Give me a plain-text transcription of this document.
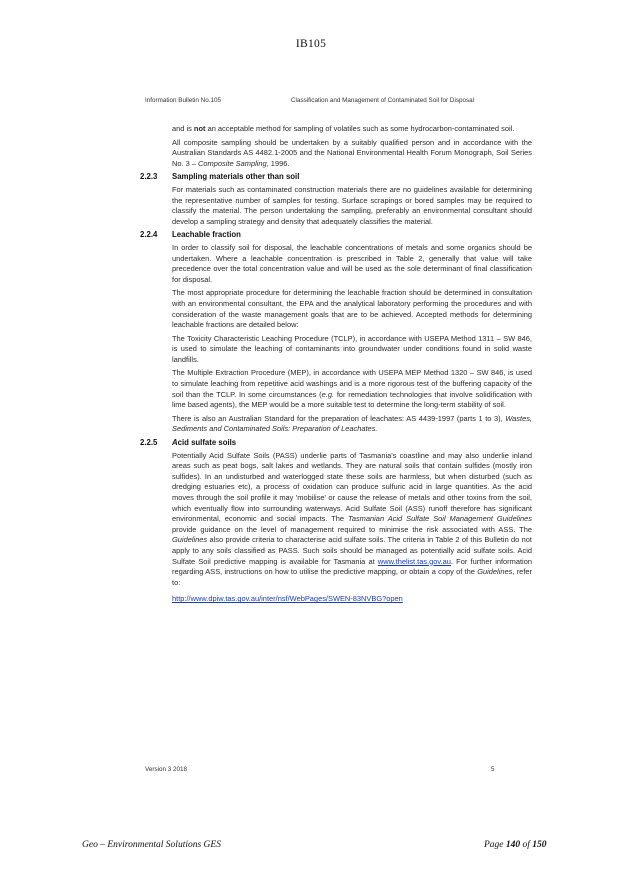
IB105
Information Bulletin No.105	Classification and Management of Contaminated Soil for Disposal

and is not an acceptable method for sampling of volatiles such as some hydrocarbon-contaminated soil.

All composite sampling should be undertaken by a suitably qualified person and in accordance with the Australian Standards AS 4482.1-2005 and the National Environmental Health Forum Monograph, Soil Series No. 3 – Composite Sampling, 1996.

2.2.3	Sampling materials other than soil

For materials such as contaminated construction materials there are no guidelines available for determining the representative number of samples for testing. Surface scrapings or bored samples may be required to classify the material. The person undertaking the sampling, preferably an environmental consultant should develop a sampling strategy and density that adequately classifies the material.

2.2.4	Leachable fraction

In order to classify soil for disposal, the leachable concentrations of metals and some organics should be undertaken. Where a leachable concentration is prescribed in Table 2, generally that value will take precedence over the total concentration value and will be used as the sole determinant of final classification for disposal.

The most appropriate procedure for determining the leachable fraction should be determined in consultation with an environmental consultant, the EPA and the analytical laboratory performing the procedures and with consideration of the waste management goals that are to be achieved. Accepted methods for determining leachable fractions are detailed below:

The Toxicity Characteristic Leaching Procedure (TCLP), in accordance with USEPA Method 1311 – SW 846, is used to simulate the leaching of contaminants into groundwater under conditions found in solid waste landfills.

The Multiple Extraction Procedure (MEP), in accordance with USEPA MEP Method 1320 – SW 846, is used to simulate leaching from repetitive acid washings and is a more rigorous test of the buffering capacity of the soil than the TCLP. In some circumstances (e.g. for remediation technologies that involve solidification with lime based agents), the MEP would be a more suitable test to determine the long-term stability of soil.

There is also an Australian Standard for the preparation of leachates: AS 4439-1997 (parts 1 to 3), Wastes, Sediments and Contaminated Soils: Preparation of Leachates.

2.2.5	Acid sulfate soils

Potentially Acid Sulfate Soils (PASS) underlie parts of Tasmania's coastline and may also underlie inland areas such as peat bogs, salt lakes and wetlands. They are natural soils that contain sulfides (mostly iron sulfides). In an undisturbed and waterlogged state these soils are harmless, but when disturbed (such as dredging estuaries etc), a process of oxidation can produce sulfuric acid in large quantities. As the acid moves through the soil profile it may 'mobilise' or cause the release of metals and other toxins from the soil, which eventually flow into surrounding waterways. Acid Sulfate Soil (ASS) runoff therefore has significant environmental, economic and social impacts. The Tasmanian Acid Sulfate Soil Management Guidelines provide guidance on the level of management required to minimise the risk associated with ASS. The Guidelines also provide criteria to characterise acid sulfate soils. The criteria in Table 2 of this Bulletin do not apply to any soils classified as PASS. Such soils should be managed as potentially acid sulfate soils. Acid Sulfate Soil predictive mapping is available for Tasmania at www.thelist.tas.gov.au. For further information regarding ASS, instructions on how to utilise the predictive mapping, or obtain a copy of the Guidelines, refer to:

http://www.dpiw.tas.gov.au/inter/nsf/WebPages/SWEN-83NVBG?open
Version 3 2018	5
Geo – Environmental Solutions GES	Page 140 of 150
